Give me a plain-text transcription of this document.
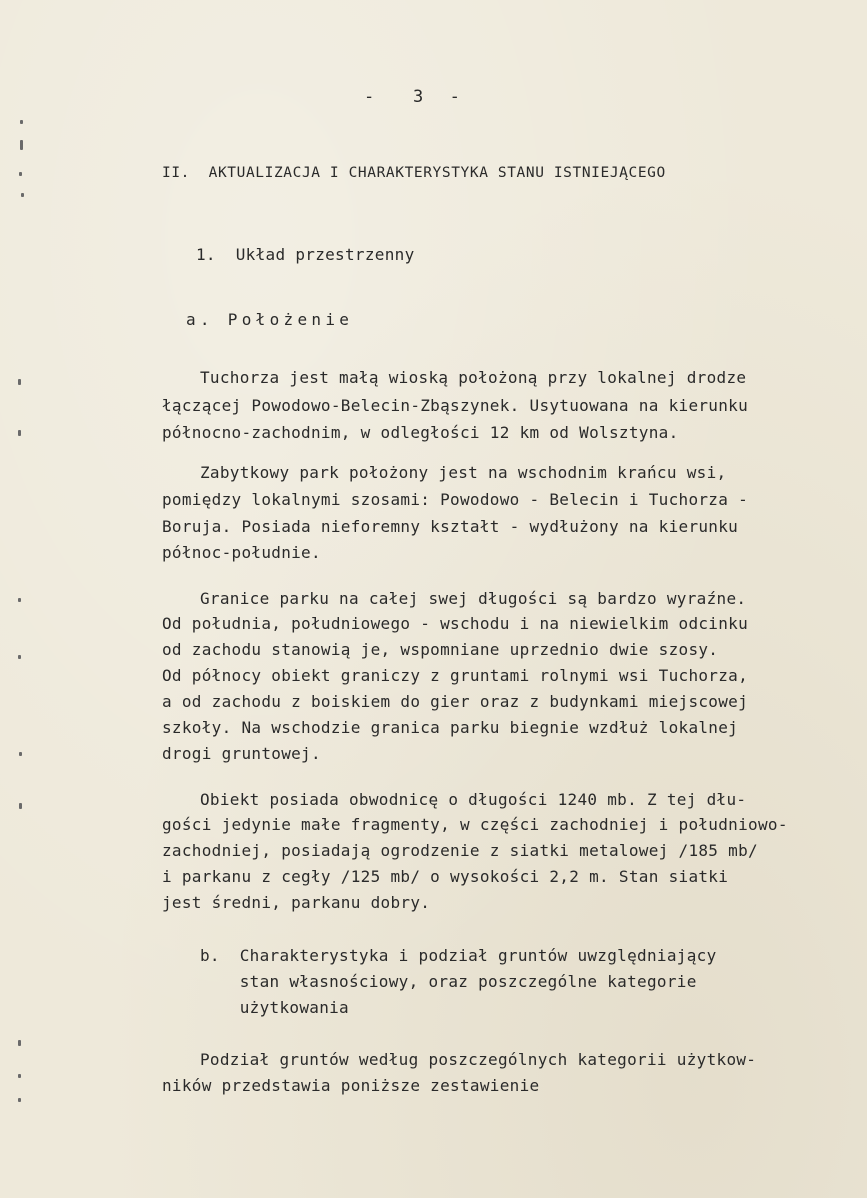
-   3  -
II.  AKTUALIZACJA I CHARAKTERYSTYKA STANU ISTNIEJĄCEGO
1.  Układ przestrzenny
a. Położenie
Tuchorza jest małą wioską położoną przy lokalnej drodze
łączącej Powodowo-Belecin-Zbąszynek. Usytuowana na kierunku
północno-zachodnim, w odległości 12 km od Wolsztyna.
Zabytkowy park położony jest na wschodnim krańcu wsi,
pomiędzy lokalnymi szosami: Powodowo - Belecin i Tuchorza -
Boruja. Posiada nieforemny kształt - wydłużony na kierunku
północ-południe.
Granice parku na całej swej długości są bardzo wyraźne.
Od południa, południowego - wschodu i na niewielkim odcinku
od zachodu stanowią je, wspomniane uprzednio dwie szosy.
Od północy obiekt graniczy z gruntami rolnymi wsi Tuchorza,
a od zachodu z boiskiem do gier oraz z budynkami miejscowej
szkoły. Na wschodzie granica parku biegnie wzdłuż lokalnej
drogi gruntowej.
Obiekt posiada obwodnicę o długości 1240 mb. Z tej dłu-
gości jedynie małe fragmenty, w części zachodniej i południowo-
zachodniej, posiadają ogrodzenie z siatki metalowej /185 mb/
i parkanu z cegły /125 mb/ o wysokości 2,2 m. Stan siatki
jest średni, parkanu dobry.
b.  Charakterystyka i podział gruntów uwzględniający
stan własnościowy, oraz poszczególne kategorie
użytkowania
Podział gruntów według poszczególnych kategorii użytkow-
ników przedstawia poniższe zestawienie
